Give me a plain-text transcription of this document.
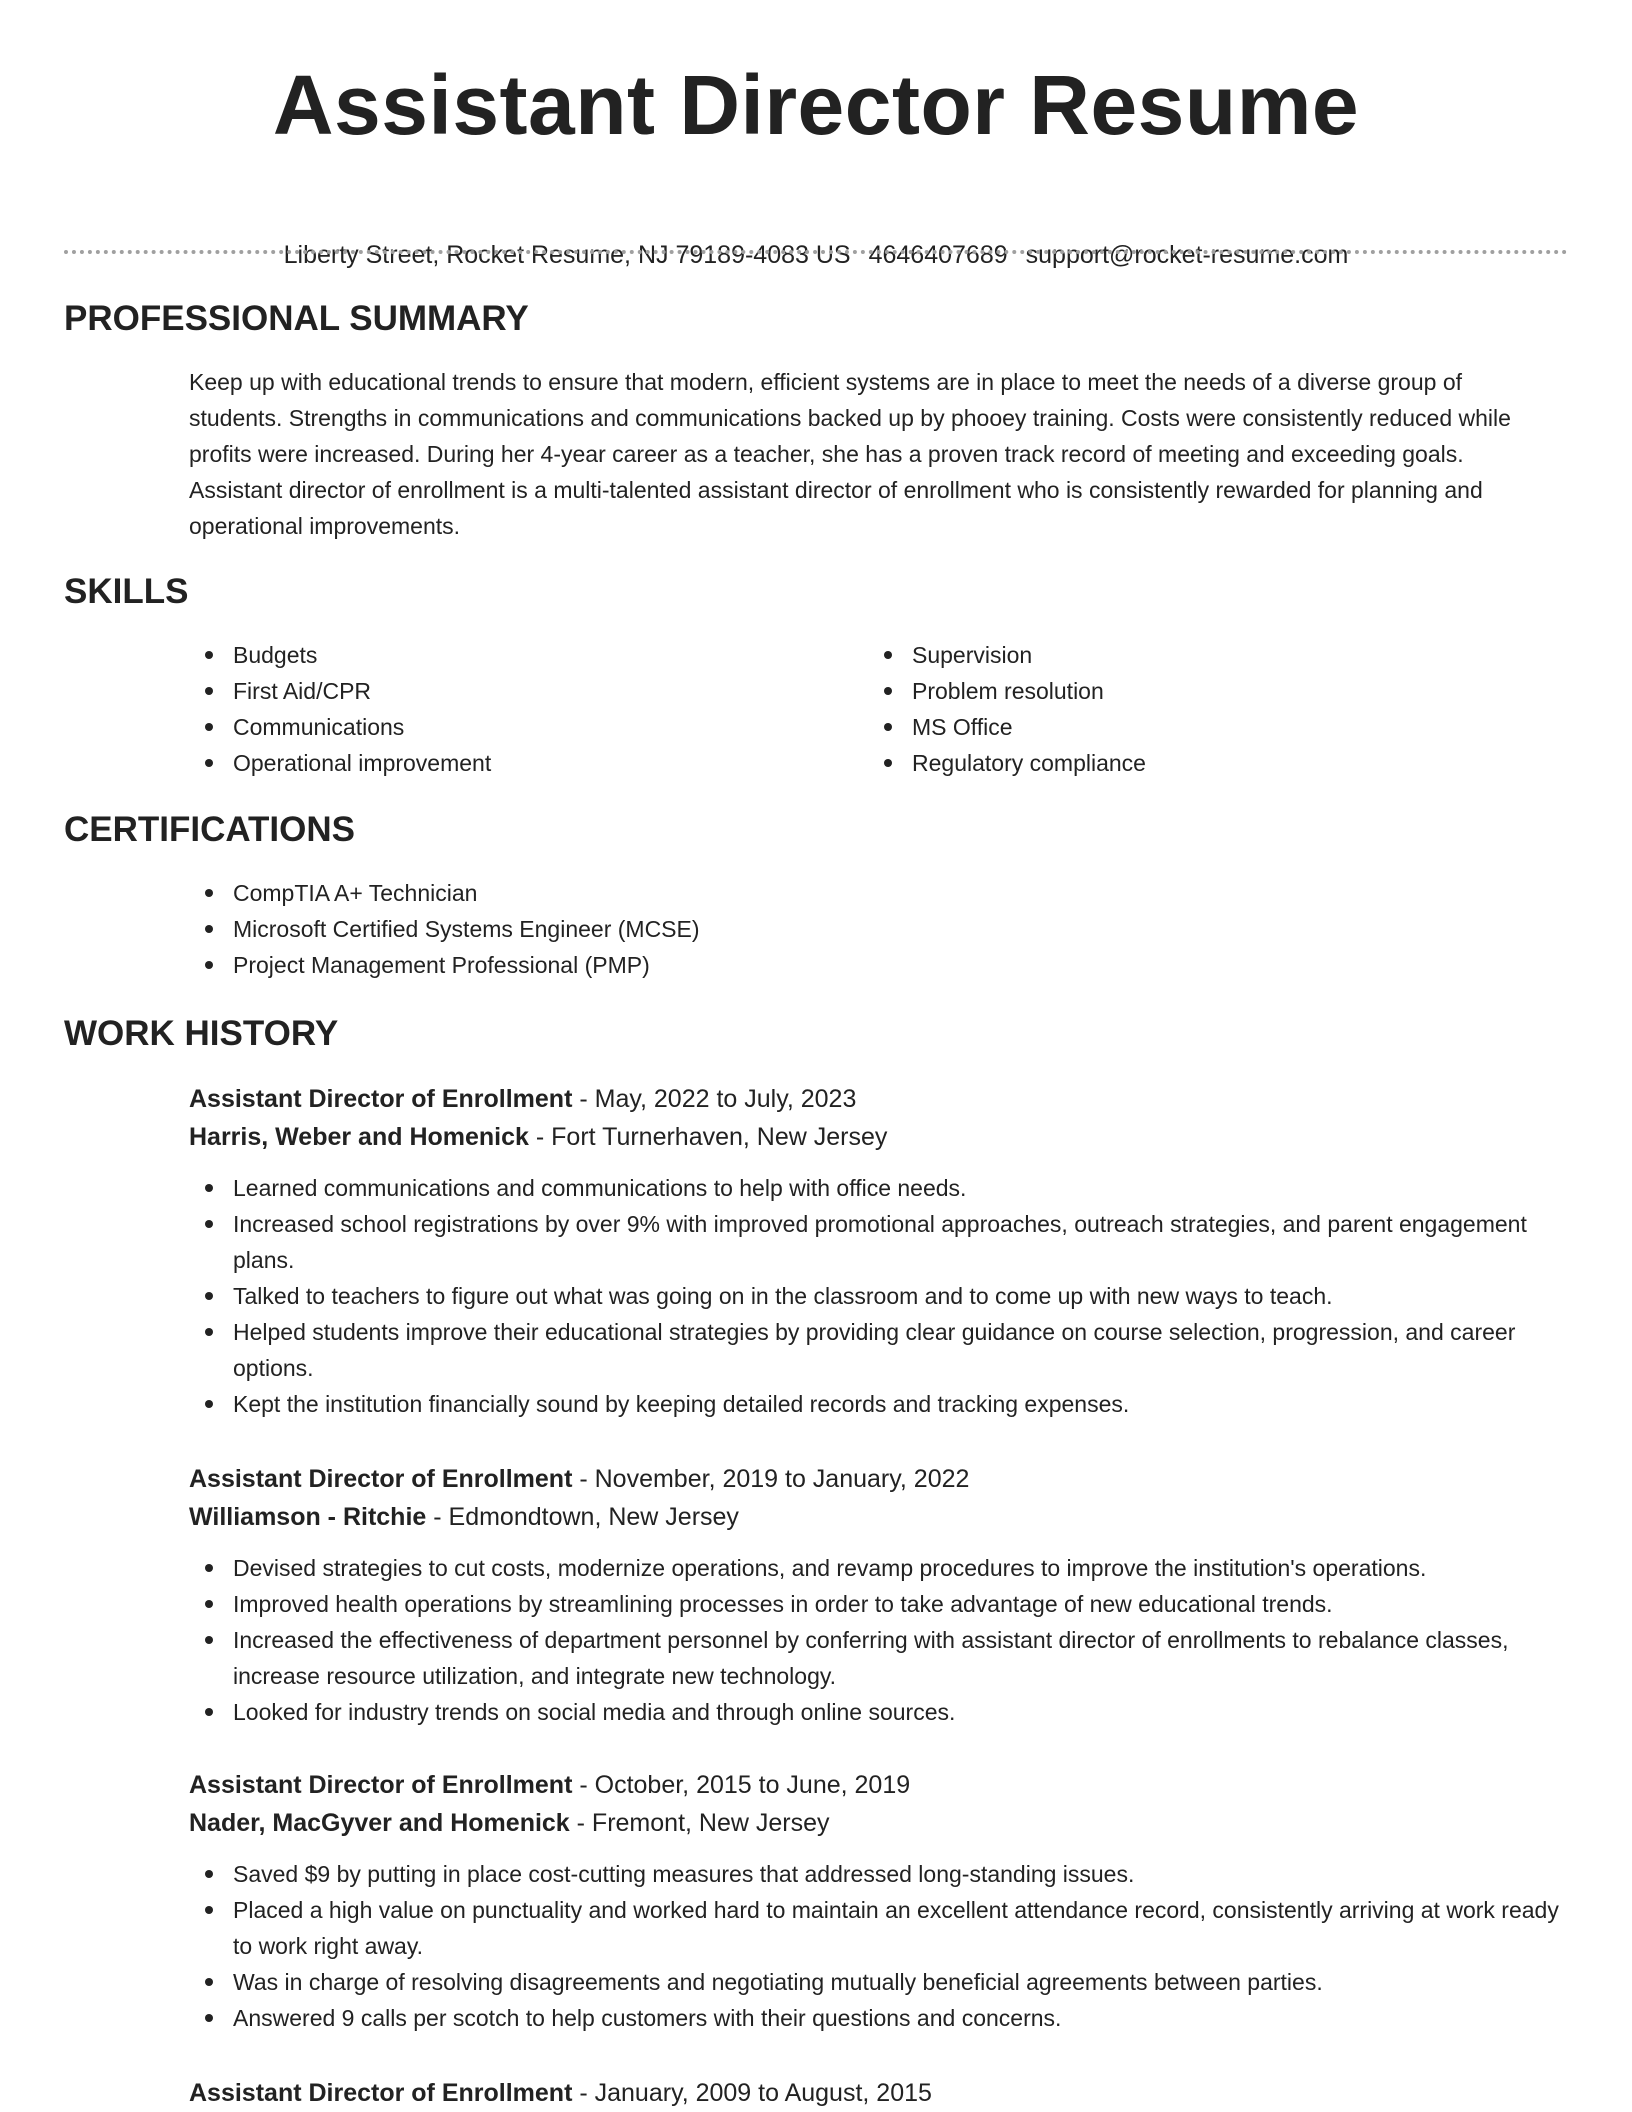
Assistant Director Resume
Liberty Street, Rocket Resume, NJ 79189-4083 US 4646407689 support@rocket-resume.com
PROFESSIONAL SUMMARY

Keep up with educational trends to ensure that modern, efficient systems are in place to meet the needs of a diverse group of students. Strengths in communications and communications backed up by phooey training. Costs were consistently reduced while profits were increased. During her 4-year career as a teacher, she has a proven track record of meeting and exceeding goals. Assistant director of enrollment is a multi-talented assistant director of enrollment who is consistently rewarded for planning and operational improvements.

SKILLS
Budgets
First Aid/CPR
Communications
Operational improvement
Supervision
Problem resolution
MS Office
Regulatory compliance
CERTIFICATIONS
CompTIA A+ Technician
Microsoft Certified Systems Engineer (MCSE)
Project Management Professional (PMP)
WORK HISTORY
Assistant Director of Enrollment - May, 2022 to July, 2023
Harris, Weber and Homenick - Fort Turnerhaven, New Jersey
Learned communications and communications to help with office needs.
Increased school registrations by over 9% with improved promotional approaches, outreach strategies, and parent engagement plans.
Talked to teachers to figure out what was going on in the classroom and to come up with new ways to teach.
Helped students improve their educational strategies by providing clear guidance on course selection, progression, and career options.
Kept the institution financially sound by keeping detailed records and tracking expenses.
Assistant Director of Enrollment - November, 2019 to January, 2022
Williamson - Ritchie - Edmondtown, New Jersey
Devised strategies to cut costs, modernize operations, and revamp procedures to improve the institution's operations.
Improved health operations by streamlining processes in order to take advantage of new educational trends.
Increased the effectiveness of department personnel by conferring with assistant director of enrollments to rebalance classes, increase resource utilization, and integrate new technology.
Looked for industry trends on social media and through online sources.
Assistant Director of Enrollment - October, 2015 to June, 2019
Nader, MacGyver and Homenick - Fremont, New Jersey
Saved $9 by putting in place cost-cutting measures that addressed long-standing issues.
Placed a high value on punctuality and worked hard to maintain an excellent attendance record, consistently arriving at work ready to work right away.
Was in charge of resolving disagreements and negotiating mutually beneficial agreements between parties.
Answered 9 calls per scotch to help customers with their questions and concerns.
Assistant Director of Enrollment - January, 2009 to August, 2015
